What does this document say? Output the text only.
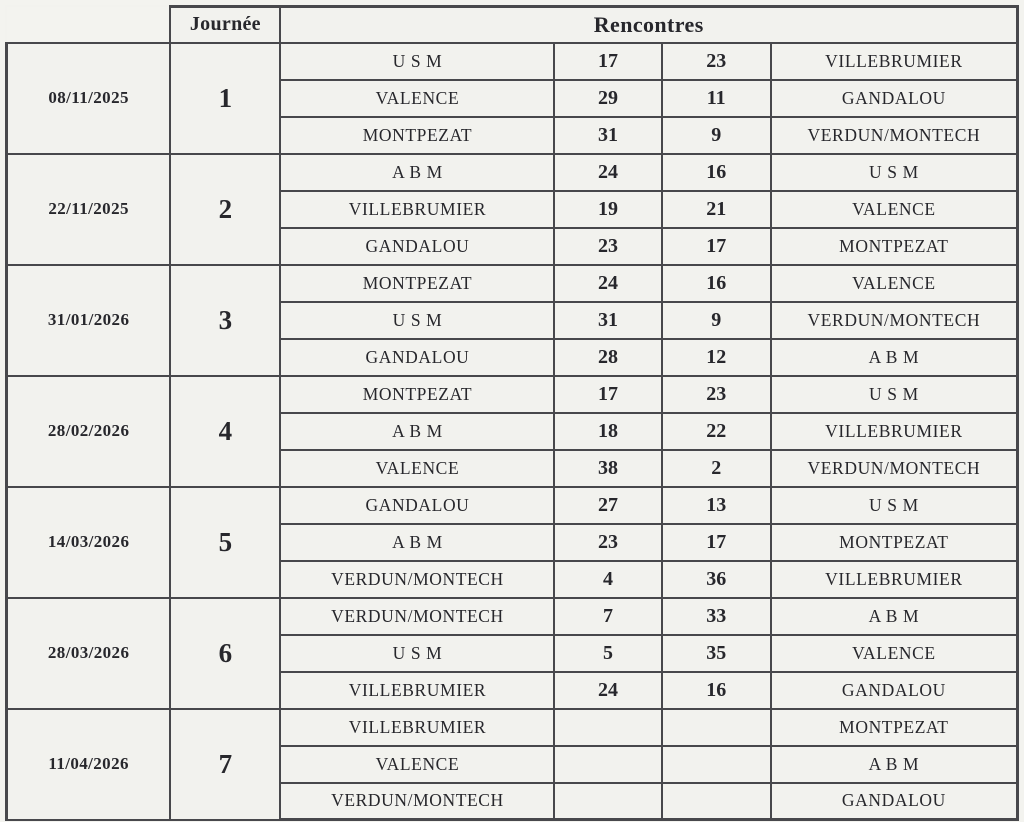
	Journée	Rencontres			
08/11/2025	1	U S M	17	23	VILLEBRUMIER
		VALENCE	29	11	GANDALOU
		MONTPEZAT	31	9	VERDUN/MONTECH
22/11/2025	2	A B M	24	16	U S M
		VILLEBRUMIER	19	21	VALENCE
		GANDALOU	23	17	MONTPEZAT
31/01/2026	3	MONTPEZAT	24	16	VALENCE
		U S M	31	9	VERDUN/MONTECH
		GANDALOU	28	12	A B M
28/02/2026	4	MONTPEZAT	17	23	U S M
		A B M	18	22	VILLEBRUMIER
		VALENCE	38	2	VERDUN/MONTECH
14/03/2026	5	GANDALOU	27	13	U S M
		A B M	23	17	MONTPEZAT
		VERDUN/MONTECH	4	36	VILLEBRUMIER
28/03/2026	6	VERDUN/MONTECH	7	33	A B M
		U S M	5	35	VALENCE
		VILLEBRUMIER	24	16	GANDALOU
11/04/2026	7	VILLEBRUMIER			MONTPEZAT
		VALENCE			A B M
		VERDUN/MONTECH			GANDALOU
